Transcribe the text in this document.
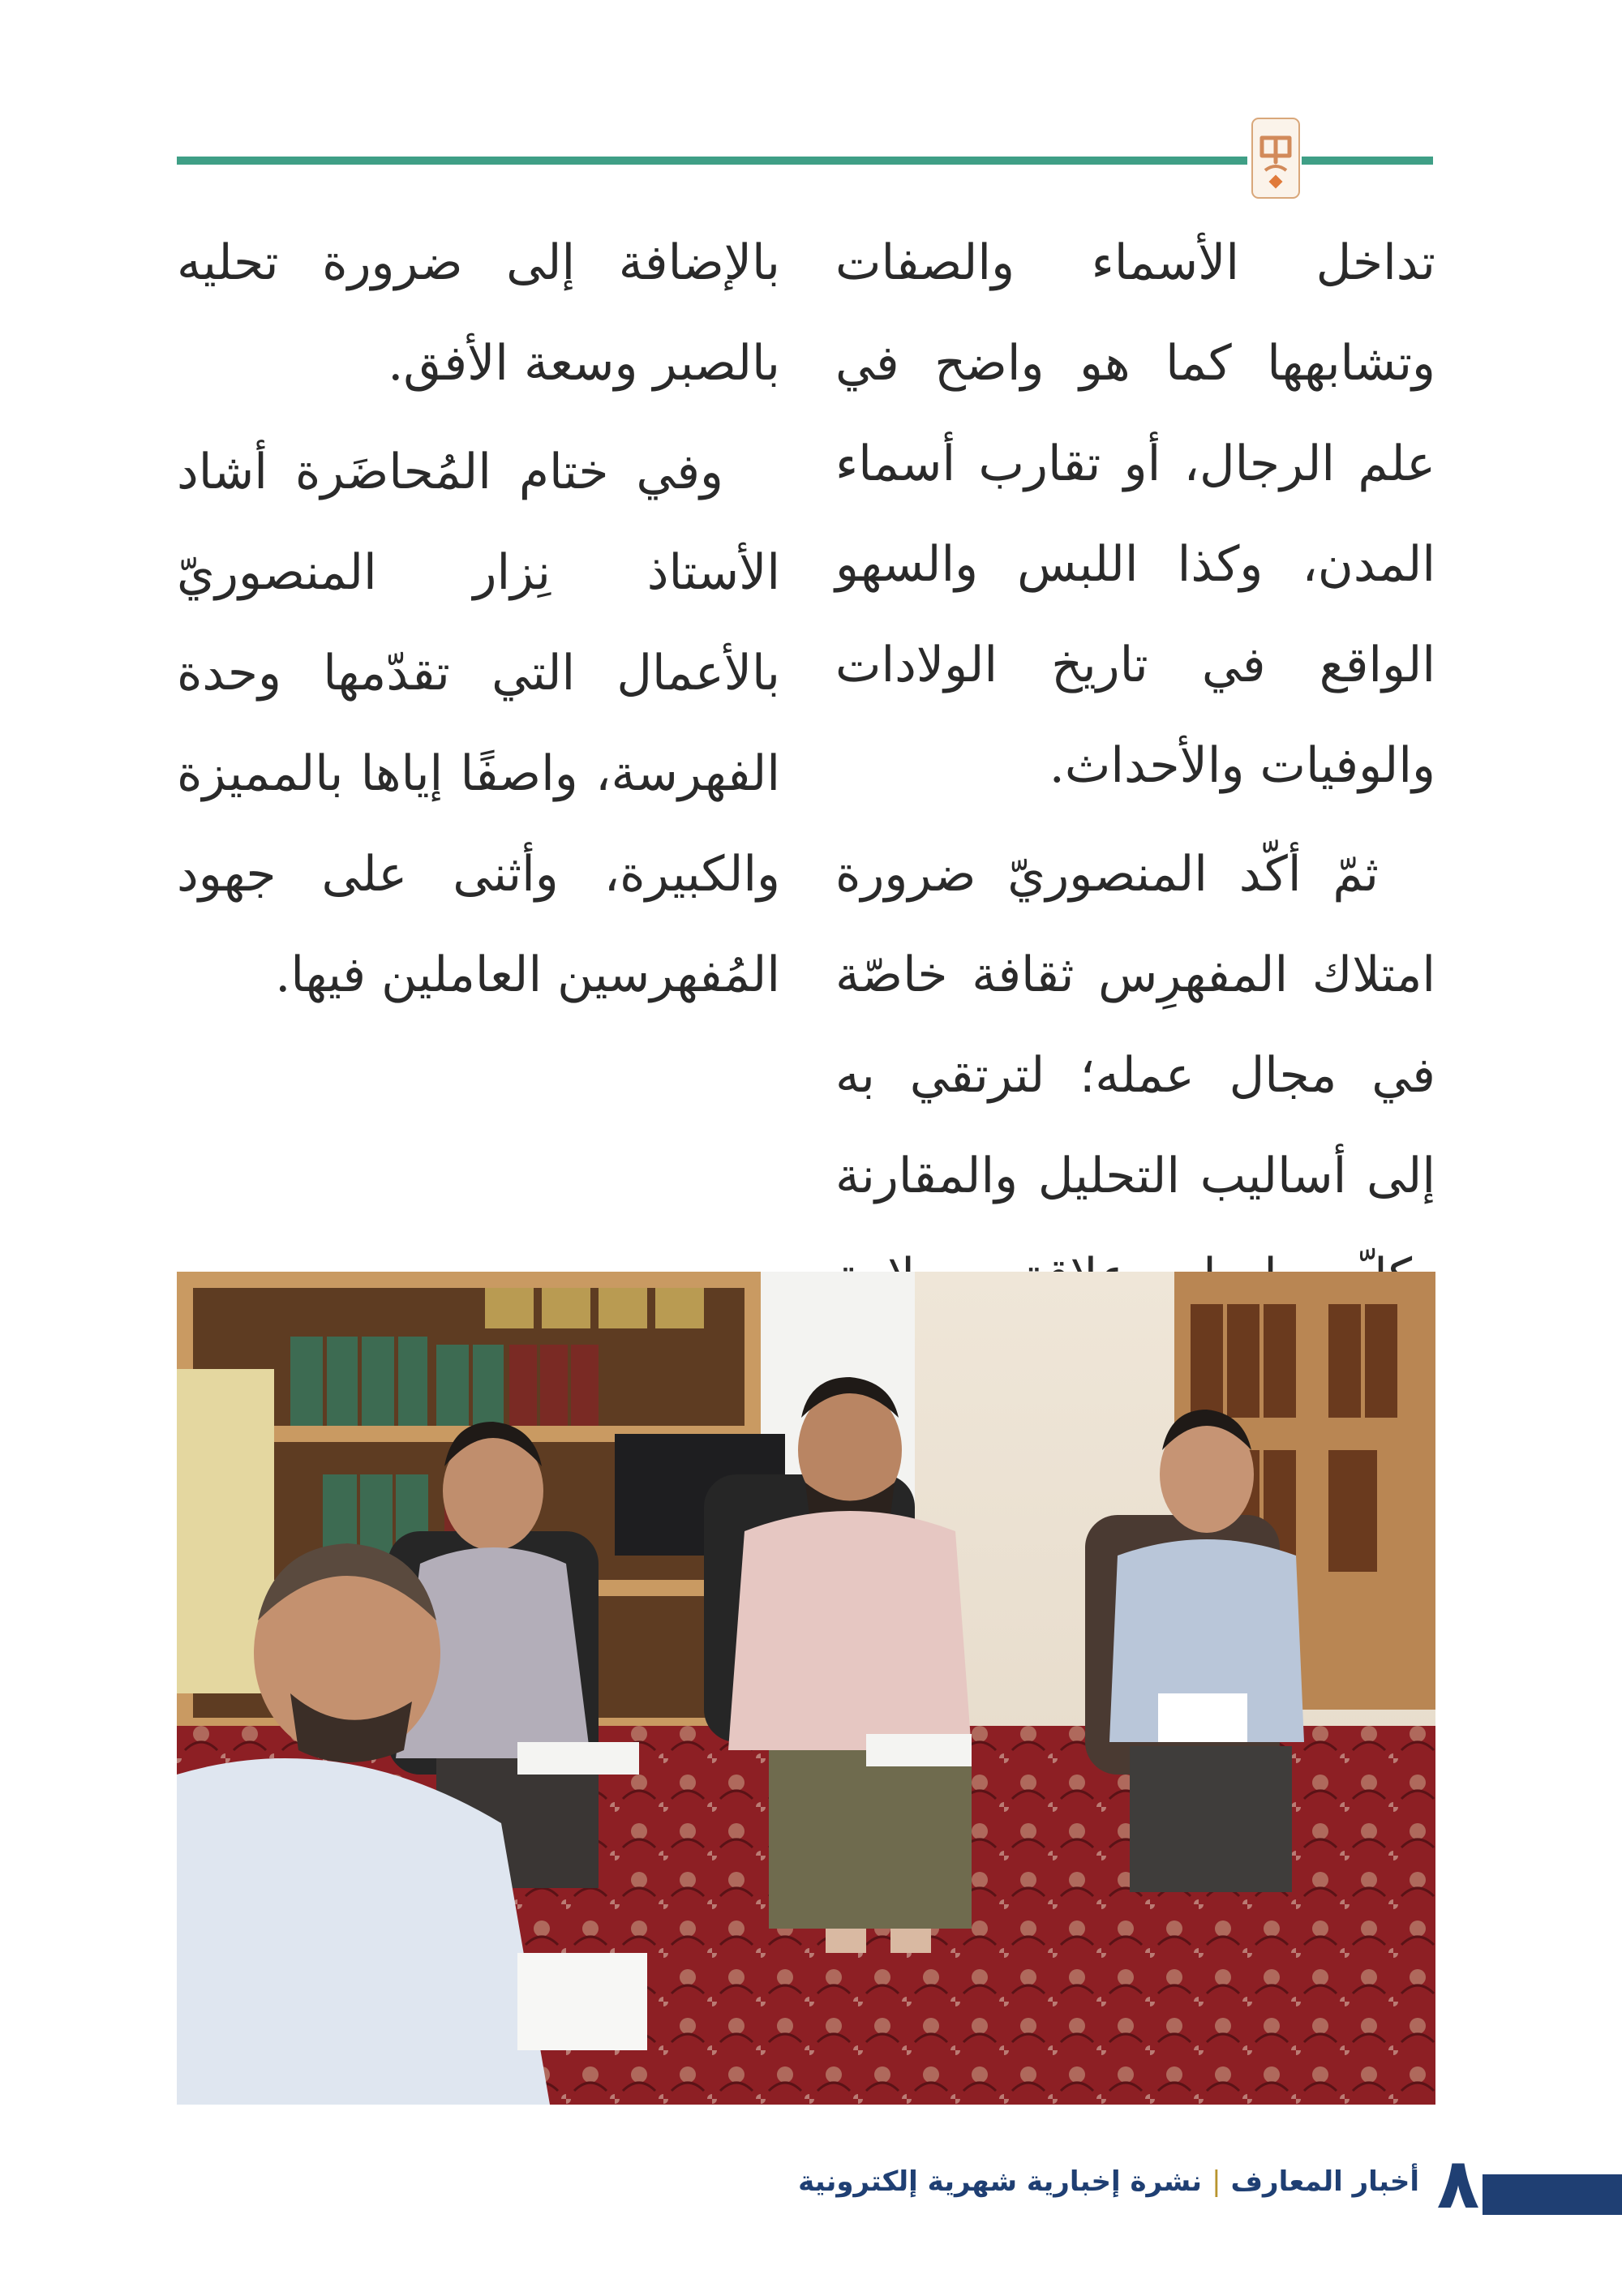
تداخل الأسماء والصفات وتشابهها كما هو واضح في علم الرجال، أو تقارب أسماء المدن، وكذا اللبس والسهو الواقع في تاريخ الولادات والوفيات والأحداث.

ثمّ أكّد المنصوريّ ضرورة امتلاك المفهرِس ثقافة خاصّة في مجال عمله؛ لترتقي به إلى أساليب التحليل والمقارنة

بالإضافة إلى ضرورة تحليه بالصبر وسعة الأفق.

وفي ختام المُحاضَرة أشاد الأستاذ نِزار المنصوريّ بالأعمال التي تقدّمها وحدة الفهرسة، واصفًا إياها بالمميزة والكبيرة، وأثنى على جهود المُفهرسين العاملين فيها.

٨
أخبار المعارف|نشرة إخبارية شهرية إلكترونية
